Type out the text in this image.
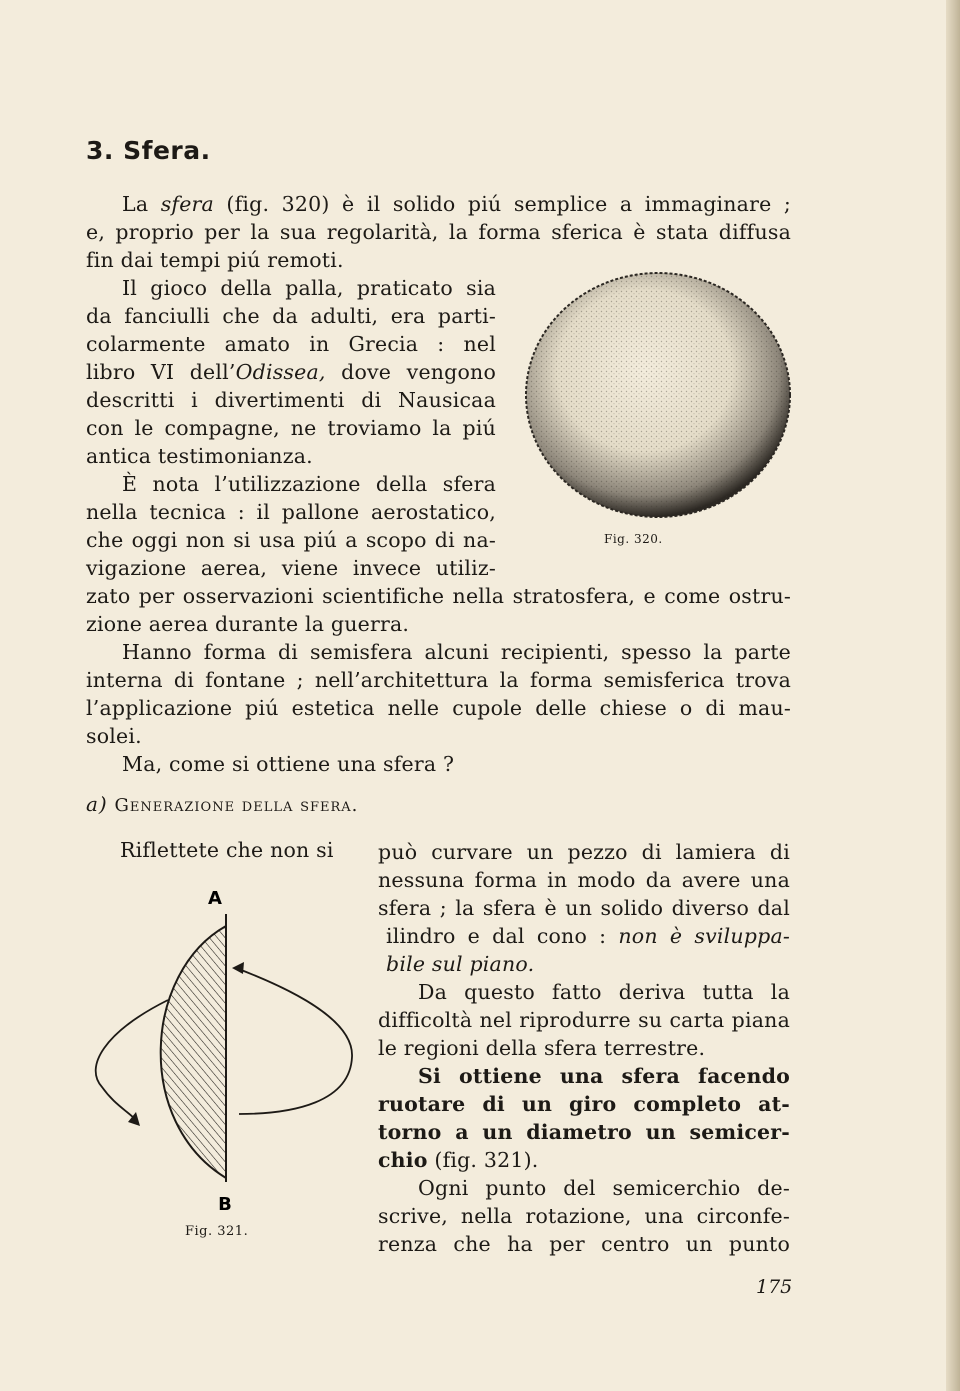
3. Sfera.
La sfera (fig. 320) è il solido piú semplice a immaginare ;
e, proprio per la sua regolarità, la forma sferica è stata diffusa
fin dai tempi piú remoti.
Il gioco della palla, praticato sia
da fanciulli che da adulti, era parti-
colarmente amato in Grecia : nel
libro VI dell’Odissea, dove vengono
descritti i divertimenti di Nausicaa
con le compagne, ne troviamo la piú
antica testimonianza.
È nota l’utilizzazione della sfera
nella tecnica : il pallone aerostatico,
che oggi non si usa piú a scopo di na-
vigazione aerea, viene invece utiliz-
zato per osservazioni scientifiche nella stratosfera, e come ostru-
zione aerea durante la guerra.
Hanno forma di semisfera alcuni recipienti, spesso la parte
interna di fontane ; nell’architettura la forma semisferica trova
l’applicazione piú estetica nelle cupole delle chiese o di mau-
solei.
Ma, come si ottiene una sfera ?
Fig. 320.
a) Generazione della sfera.
Riflettete che non si può curvare un pezzo di lamiera di
nessuna forma in modo da avere una
sfera ; la sfera è un solido diverso dal
ilindro e dal cono : non è sviluppa-
bile sul piano.
Da questo fatto deriva tutta la
difficoltà nel riprodurre su carta piana
le regioni della sfera terrestre.
Si ottiene una sfera facendo
ruotare di un giro completo at-
torno a un diametro un semicer-
chio (fig. 321).
Ogni punto del semicerchio de-
scrive, nella rotazione, una circonfe-
renza che ha per centro un punto
A
B
Fig. 321.
175
